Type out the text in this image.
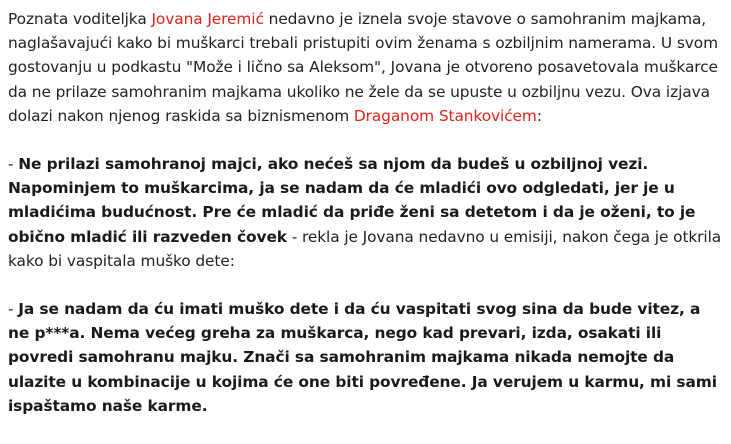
Poznata voditeljka Jovana Jeremić nedavno je iznela svoje stavove o samohranim majkama, naglašavajući kako bi muškarci trebali pristupiti ovim ženama s ozbiljnim namerama. U svom gostovanju u podkastu "Može i lično sa Aleksom", Jovana je otvoreno posavetovala muškarce da ne prilaze samohranim majkama ukoliko ne žele da se upuste u ozbiljnu vezu. Ova izjava dolazi nakon njenog raskida sa biznismenom Draganom Stankovićem:

- Ne prilazi samohranoj majci, ako nećeš sa njom da budeš u ozbiljnoj vezi. Napominjem to muškarcima, ja se nadam da će mladići ovo odgledati, jer je u mladićima budućnost. Pre će mladić da priđe ženi sa detetom i da je oženi, to je obično mladić ili razveden čovek - rekla je Jovana nedavno u emisiji, nakon čega je otkrila kako bi vaspitala muško dete:

- Ja se nadam da ću imati muško dete i da ću vaspitati svog sina da bude vitez, a ne p***a. Nema većeg greha za muškarca, nego kad prevari, izda, osakati ili povredi samohranu majku. Znači sa samohranim majkama nikada nemojte da ulazite u kombinacije u kojima će one biti povređene. Ja verujem u karmu, mi sami ispaštamo naše karme.
